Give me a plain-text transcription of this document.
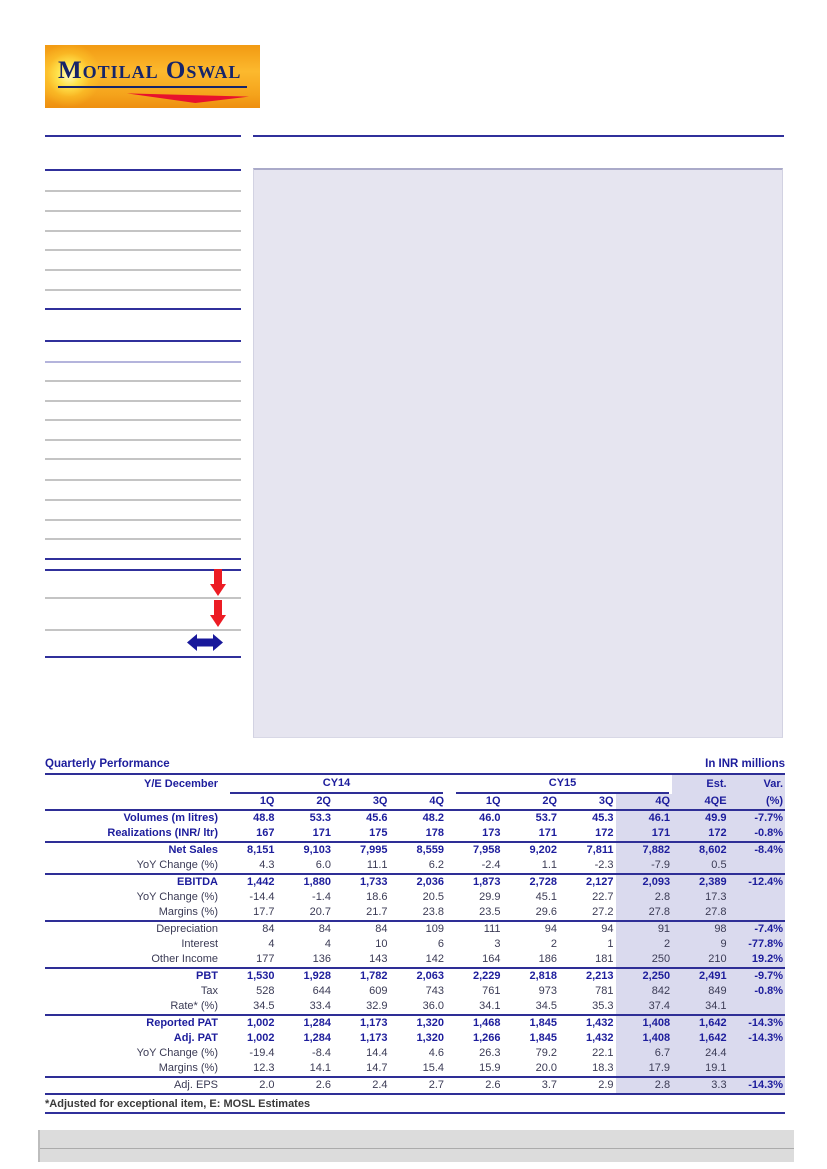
Motilal Oswal
Quarterly Performance	In INR millions
Y/E December	CY14				CY15				Est.	Var.
	1Q	2Q	3Q	4Q	1Q	2Q	3Q	4Q	4QE	(%)
Volumes (m litres)	48.8	53.3	45.6	48.2	46.0	53.7	45.3	46.1	49.9	-7.7%
Realizations (INR/ ltr)	167	171	175	178	173	171	172	171	172	-0.8%
Net Sales	8,151	9,103	7,995	8,559	7,958	9,202	7,811	7,882	8,602	-8.4%
YoY Change (%)	4.3	6.0	11.1	6.2	-2.4	1.1	-2.3	-7.9	0.5	
EBITDA	1,442	1,880	1,733	2,036	1,873	2,728	2,127	2,093	2,389	-12.4%
YoY Change (%)	-14.4	-1.4	18.6	20.5	29.9	45.1	22.7	2.8	17.3	
Margins (%)	17.7	20.7	21.7	23.8	23.5	29.6	27.2	27.8	27.8	
Depreciation	84	84	84	109	111	94	94	91	98	-7.4%
Interest	4	4	10	6	3	2	1	2	9	-77.8%
Other Income	177	136	143	142	164	186	181	250	210	19.2%
PBT	1,530	1,928	1,782	2,063	2,229	2,818	2,213	2,250	2,491	-9.7%
Tax	528	644	609	743	761	973	781	842	849	-0.8%
Rate* (%)	34.5	33.4	32.9	36.0	34.1	34.5	35.3	37.4	34.1	
Reported PAT	1,002	1,284	1,173	1,320	1,468	1,845	1,432	1,408	1,642	-14.3%
Adj. PAT	1,002	1,284	1,173	1,320	1,266	1,845	1,432	1,408	1,642	-14.3%
YoY Change (%)	-19.4	-8.4	14.4	4.6	26.3	79.2	22.1	6.7	24.4	
Margins (%)	12.3	14.1	14.7	15.4	15.9	20.0	18.3	17.9	19.1	
Adj. EPS	2.0	2.6	2.4	2.7	2.6	3.7	2.9	2.8	3.3	-14.3%
*Adjusted for exceptional item, E: MOSL Estimates
